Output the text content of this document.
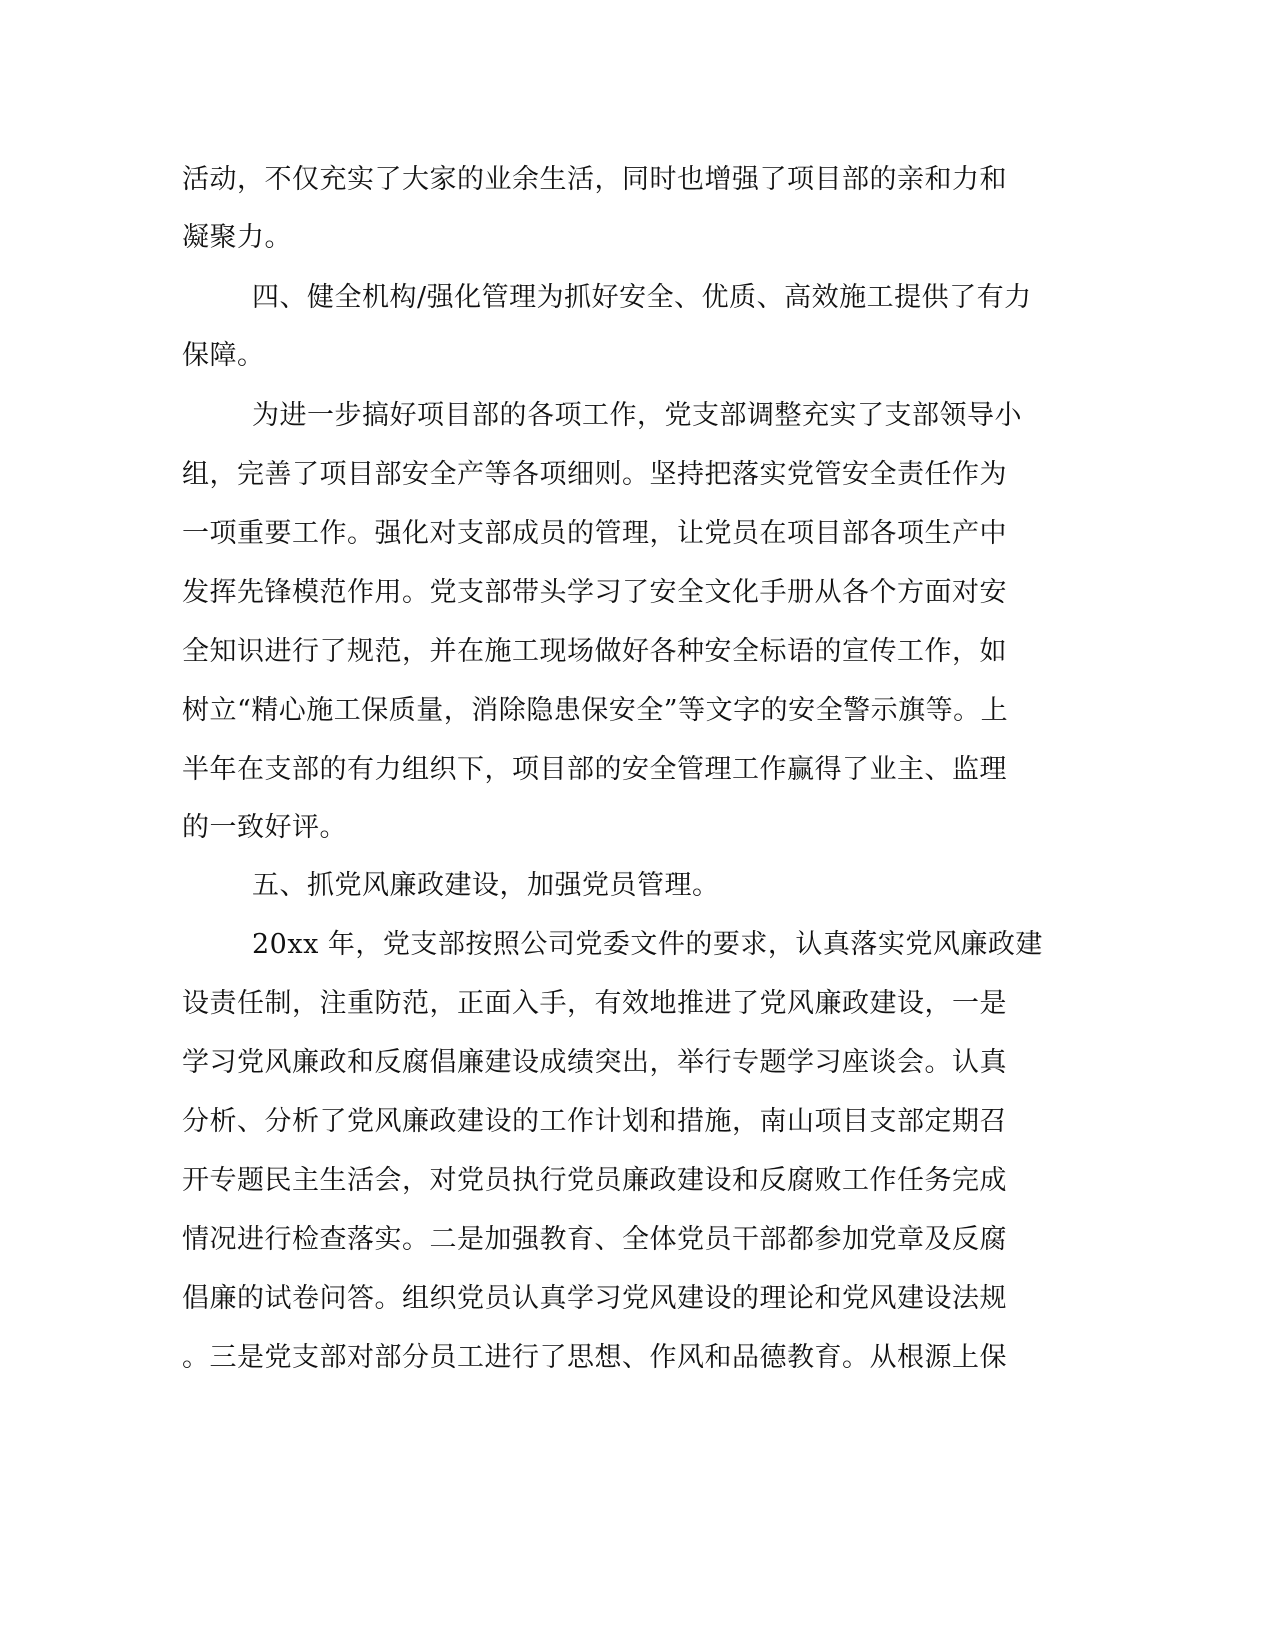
活动，不仅充实了大家的业余生活，同时也增强了项目部的亲和力和
凝聚力。
四、健全机构/强化管理为抓好安全、优质、高效施工提供了有力
保障。
为进一步搞好项目部的各项工作，党支部调整充实了支部领导小
组，完善了项目部安全产等各项细则。坚持把落实党管安全责任作为
一项重要工作。强化对支部成员的管理，让党员在项目部各项生产中
发挥先锋模范作用。党支部带头学习了安全文化手册从各个方面对安
全知识进行了规范，并在施工现场做好各种安全标语的宣传工作，如
树立“精心施工保质量，消除隐患保安全”等文字的安全警示旗等。上
半年在支部的有力组织下，项目部的安全管理工作赢得了业主、监理
的一致好评。
五、抓党风廉政建设，加强党员管理。
20xx 年，党支部按照公司党委文件的要求，认真落实党风廉政建
设责任制，注重防范，正面入手，有效地推进了党风廉政建设，一是
学习党风廉政和反腐倡廉建设成绩突出，举行专题学习座谈会。认真
分析、分析了党风廉政建设的工作计划和措施，南山项目支部定期召
开专题民主生活会，对党员执行党员廉政建设和反腐败工作任务完成
情况进行检查落实。二是加强教育、全体党员干部都参加党章及反腐
倡廉的试卷问答。组织党员认真学习党风建设的理论和党风建设法规
。三是党支部对部分员工进行了思想、作风和品德教育。从根源上保
